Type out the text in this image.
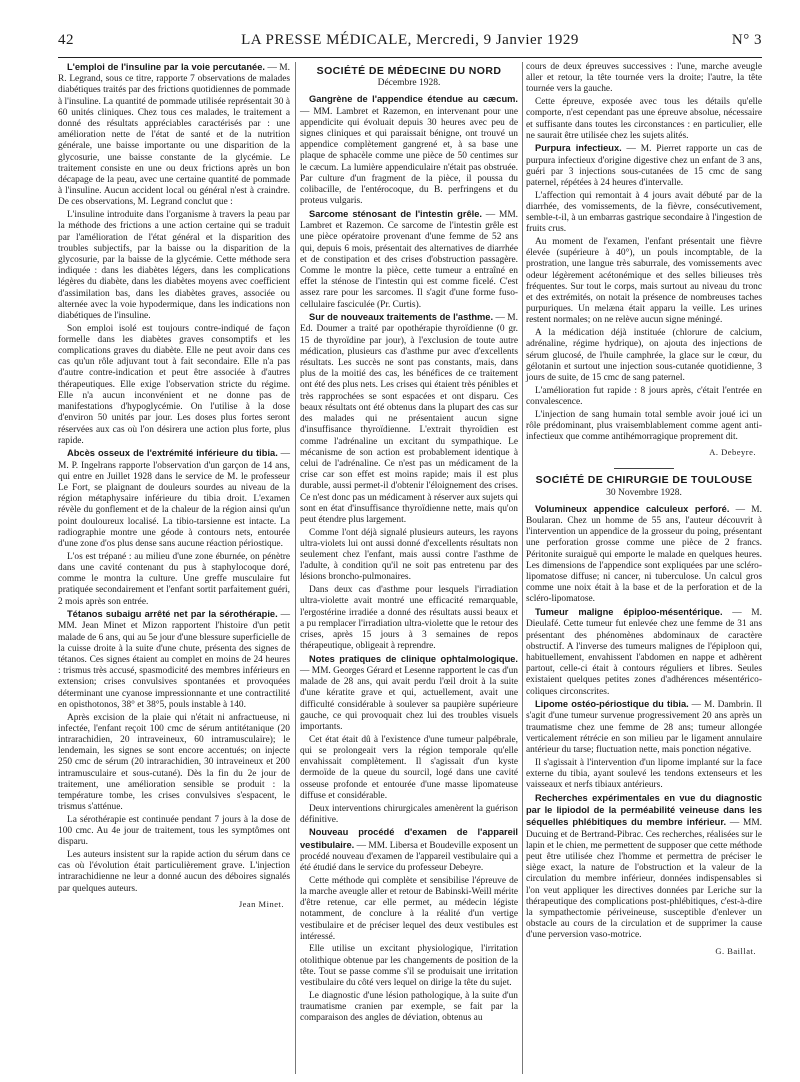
42	LA PRESSE MÉDICALE, Mercredi, 9 Janvier 1929	N° 3

L'emploi de l'insuline par la voie percutanée. — M. R. Legrand, sous ce titre, rapporte 7 observations de malades diabétiques traités par des frictions quotidiennes de pommade à l'insuline. La quantité de pommade utilisée représentait 30 à 60 unités cliniques. Chez tous ces malades, le traitement a donné des résultats appréciables caractérisés par : une amélioration nette de l'état de santé et de la nutrition générale, une baisse importante ou une disparition de la glycosurie, une baisse constante de la glycémie. Le traitement consiste en une ou deux frictions après un bon décapage de la peau, avec une certaine quantité de pommade à l'insuline. Aucun accident local ou général n'est à craindre. De ces observations, M. Legrand conclut que :

L'insuline introduite dans l'organisme à travers la peau par la méthode des frictions a une action certaine qui se traduit par l'amélioration de l'état général et la disparition des troubles subjectifs, par la baisse ou la disparition de la glycosurie, par la baisse de la glycémie. Cette méthode sera indiquée : dans les diabètes légers, dans les complications légères du diabète, dans les diabètes moyens avec coefficient d'assimilation bas, dans les diabètes graves, associée ou alternée avec la voie hypodermique, dans les indications non diabétiques de l'insuline.

Son emploi isolé est toujours contre-indiqué de façon formelle dans les diabètes graves consomptifs et les complications graves du diabète. Elle ne peut avoir dans ces cas qu'un rôle adjuvant tout à fait secondaire. Elle n'a pas d'autre contre-indication et peut être associée à d'autres thérapeutiques. Elle exige l'observation stricte du régime. Elle n'a aucun inconvénient et ne donne pas de manifestations d'hypoglycémie. On l'utilise à la dose d'environ 50 unités par jour. Les doses plus fortes seront réservées aux cas où l'on désirera une action plus forte, plus rapide.

Abcès osseux de l'extrémité inférieure du tibia. — M. P. Ingelrans rapporte l'observation d'un garçon de 14 ans, qui entre en Juillet 1928 dans le service de M. le professeur Le Fort, se plaignant de douleurs sourdes au niveau de la région métaphysaire inférieure du tibia droit. L'examen révèle du gonflement et de la chaleur de la région ainsi qu'un point douloureux localisé. La tibio-tarsienne est intacte. La radiographie montre une géode à contours nets, entourée d'une zone d'os plus dense sans aucune réaction périostique.

L'os est trépané : au milieu d'une zone éburnée, on pénètre dans une cavité contenant du pus à staphylocoque doré, comme le montra la culture. Une greffe musculaire fut pratiquée secondairement et l'enfant sortit parfaitement guéri, 2 mois après son entrée.

Tétanos subaigu arrêté net par la sérothérapie. — MM. Jean Minet et Mizon rapportent l'histoire d'un petit malade de 6 ans, qui au 5e jour d'une blessure superficielle de la cuisse droite à la suite d'une chute, présenta des signes de tétanos. Ces signes étaient au complet en moins de 24 heures : trismus très accusé, spasmodicité des membres inférieurs en extension; crises convulsives spontanées et provoquées déterminant une cyanose impressionnante et une contractilité en opisthotonos, 38° et 38°5, pouls instable à 140.

Après excision de la plaie qui n'était ni anfractueuse, ni infectée, l'enfant reçoit 100 cmc de sérum antitétanique (20 intrarachidien, 20 intraveineux, 60 intramusculaire); le lendemain, les signes se sont encore accentués; on injecte 250 cmc de sérum (20 intrarachidien, 30 intraveineux et 200 intramusculaire et sous-cutané). Dès la fin du 2e jour de traitement, une amélioration sensible se produit : la température tombe, les crises convulsives s'espacent, le trismus s'atténue.

La sérothérapie est continuée pendant 7 jours à la dose de 100 cmc. Au 4e jour de traitement, tous les symptômes ont disparu.

Les auteurs insistent sur la rapide action du sérum dans ce cas où l'évolution était particulièrement grave. L'injection intrarachidienne ne leur a donné aucun des déboires signalés par quelques auteurs.

Jean Minet.
SOCIÉTÉ DE MÉDECINE DU NORD
Décembre 1928.

Gangrène de l'appendice étendue au cæcum. — MM. Lambret et Razemon, en intervenant pour une appendicite qui évoluait depuis 30 heures avec peu de signes cliniques et qui paraissait bénigne, ont trouvé un appendice complètement gangrené et, à sa base une plaque de sphacèle comme une pièce de 50 centimes sur le cæcum. La lumière appendiculaire n'était pas obstruée. Par culture d'un fragment de la pièce, il poussa du colibacille, de l'entérocoque, du B. perfringens et du proteus vulgaris.

Sarcome sténosant de l'intestin grêle. — MM. Lambret et Razemon. Ce sarcome de l'intestin grêle est une pièce opératoire provenant d'une femme de 52 ans qui, depuis 6 mois, présentait des alternatives de diarrhée et de constipation et des crises d'obstruction passagère. Comme le montre la pièce, cette tumeur a entraîné en effet la sténose de l'intestin qui est comme ficelé. C'est assez rare pour les sarcomes. Il s'agit d'une forme fuso-cellulaire fasciculée (Pr. Curtis).

Sur de nouveaux traitements de l'asthme. — M. Ed. Doumer a traité par opothérapie thyroïdienne (0 gr. 15 de thyroïdine par jour), à l'exclusion de toute autre médication, plusieurs cas d'asthme pur avec d'excellents résultats. Les succès ne sont pas constants, mais, dans plus de la moitié des cas, les bénéfices de ce traitement ont été des plus nets. Les crises qui étaient très pénibles et très rapprochées se sont espacées et ont disparu. Ces beaux résultats ont été obtenus dans la plupart des cas sur des malades qui ne présentaient aucun signe d'insuffisance thyroïdienne. L'extrait thyroïdien est comme l'adrénaline un excitant du sympathique. Le mécanisme de son action est probablement identique à celui de l'adrénaline. Ce n'est pas un médicament de la crise car son effet est moins rapide; mais il est plus durable, aussi permet-il d'obtenir l'éloignement des crises. Ce n'est donc pas un médicament à réserver aux sujets qui sont en état d'insuffisance thyroïdienne nette, mais qu'on peut étendre plus largement.

Comme l'ont déjà signalé plusieurs auteurs, les rayons ultra-violets lui ont aussi donné d'excellents résultats non seulement chez l'enfant, mais aussi contre l'asthme de l'adulte, à condition qu'il ne soit pas entretenu par des lésions broncho-pulmonaires.

Dans deux cas d'asthme pour lesquels l'irradiation ultra-violette avait montré une efficacité remarquable, l'ergostérine irradiée a donné des résultats aussi beaux et a pu remplacer l'irradiation ultra-violette que le retour des crises, après 15 jours à 3 semaines de repos thérapeutique, obligeait à reprendre.

Notes pratiques de clinique ophtalmologique. — MM. Georges Gérard et Lesenne rapportent le cas d'un malade de 28 ans, qui avait perdu l'œil droit à la suite d'une kératite grave et qui, actuellement, avait une difficulté considérable à soulever sa paupière supérieure gauche, ce qui provoquait chez lui des troubles visuels importants.

Cet état était dû à l'existence d'une tumeur palpébrale, qui se prolongeait vers la région temporale qu'elle envahissait complètement. Il s'agissait d'un kyste dermoïde de la queue du sourcil, logé dans une cavité osseuse profonde et entourée d'une masse lipomateuse diffuse et considérable.

Deux interventions chirurgicales amenèrent la guérison définitive.

Nouveau procédé d'examen de l'appareil vestibulaire. — MM. Libersa et Boudeville exposent un procédé nouveau d'examen de l'appareil vestibulaire qui a été étudié dans le service du professeur Debeyre.

Cette méthode qui complète et sensibilise l'épreuve de la marche aveugle aller et retour de Babinski-Weill mérite d'être retenue, car elle permet, au médecin légiste notamment, de conclure à la réalité d'un vertige vestibulaire et de préciser lequel des deux vestibules est intéressé.

Elle utilise un excitant physiologique, l'irritation otolithique obtenue par les changements de position de la tête. Tout se passe comme s'il se produisait une irritation vestibulaire du côté vers lequel on dirige la tête du sujet.

Le diagnostic d'une lésion pathologique, à la suite d'un traumatisme cranien par exemple, se fait par la comparaison des angles de déviation, obtenus au

cours de deux épreuves successives : l'une, marche aveugle aller et retour, la tête tournée vers la droite; l'autre, la tête tournée vers la gauche.

Cette épreuve, exposée avec tous les détails qu'elle comporte, n'est cependant pas une épreuve absolue, nécessaire et suffisante dans toutes les circonstances : en particulier, elle ne saurait être utilisée chez les sujets alités.

Purpura infectieux. — M. Pierret rapporte un cas de purpura infectieux d'origine digestive chez un enfant de 3 ans, guéri par 3 injections sous-cutanées de 15 cmc de sang paternel, répétées à 24 heures d'intervalle.

L'affection qui remontait à 4 jours avait débuté par de la diarrhée, des vomissements, de la fièvre, consécutivement, semble-t-il, à un embarras gastrique secondaire à l'ingestion de fruits crus.

Au moment de l'examen, l'enfant présentait une fièvre élevée (supérieure à 40°), un pouls incomptable, de la prostration, une langue très saburrale, des vomissements avec odeur légèrement acétonémique et des selles bilieuses très fréquentes. Sur tout le corps, mais surtout au niveau du tronc et des extrémités, on notait la présence de nombreuses taches purpuriques. Un melæna était apparu la veille. Les urines restent normales; on ne relève aucun signe méningé.

A la médication déjà instituée (chlorure de calcium, adrénaline, régime hydrique), on ajouta des injections de sérum glucosé, de l'huile camphrée, la glace sur le cœur, du gélotanin et surtout une injection sous-cutanée quotidienne, 3 jours de suite, de 15 cmc de sang paternel.

L'amélioration fut rapide : 8 jours après, c'était l'entrée en convalescence.

L'injection de sang humain total semble avoir joué ici un rôle prédominant, plus vraisemblablement comme agent anti-infectieux que comme antihémorragique proprement dit.

A. Debeyre.
SOCIÉTÉ DE CHIRURGIE DE TOULOUSE
30 Novembre 1928.

Volumineux appendice calculeux perforé. — M. Boularan. Chez un homme de 55 ans, l'auteur découvrit à l'intervention un appendice de la grosseur du poing, présentant une perforation grosse comme une pièce de 2 francs. Péritonite suraiguë qui emporte le malade en quelques heures. Les dimensions de l'appendice sont expliquées par une scléro-lipomatose diffuse; ni cancer, ni tuberculose. Un calcul gros comme une noix était à la base et de la perforation et de la scléro-lipomatose.

Tumeur maligne épiploo-mésentérique. — M. Dieulafé. Cette tumeur fut enlevée chez une femme de 31 ans présentant des phénomènes abdominaux de caractère obstructif. A l'inverse des tumeurs malignes de l'épiploon qui, habituellement, envahissent l'abdomen en nappe et adhèrent partout, celle-ci était à contours réguliers et libres. Seules existaient quelques petites zones d'adhérences mésentérico-coliques circonscrites.

Lipome ostéo-périostique du tibia. — M. Dambrin. Il s'agit d'une tumeur survenue progressivement 20 ans après un traumatisme chez une femme de 28 ans; tumeur allongée verticalement rétrécie en son milieu par le ligament annulaire antérieur du tarse; fluctuation nette, mais ponction négative.

Il s'agissait à l'intervention d'un lipome implanté sur la face externe du tibia, ayant soulevé les tendons extenseurs et les vaisseaux et nerfs tibiaux antérieurs.

Recherches expérimentales en vue du diagnostic par le lipiodol de la perméabilité veineuse dans les séquelles phlébitiques du membre inférieur. — MM. Ducuing et de Bertrand-Pibrac. Ces recherches, réalisées sur le lapin et le chien, me permettent de supposer que cette méthode peut être utilisée chez l'homme et permettra de préciser le siège exact, la nature de l'obstruction et la valeur de la circulation du membre inférieur, données indispensables si l'on veut appliquer les directives données par Leriche sur la thérapeutique des complications post-phlébitiques, c'est-à-dire la sympathectomie périveineuse, susceptible d'enlever un obstacle au cours de la circulation et de supprimer la cause d'une perversion vaso-motrice.

G. Baillat.
